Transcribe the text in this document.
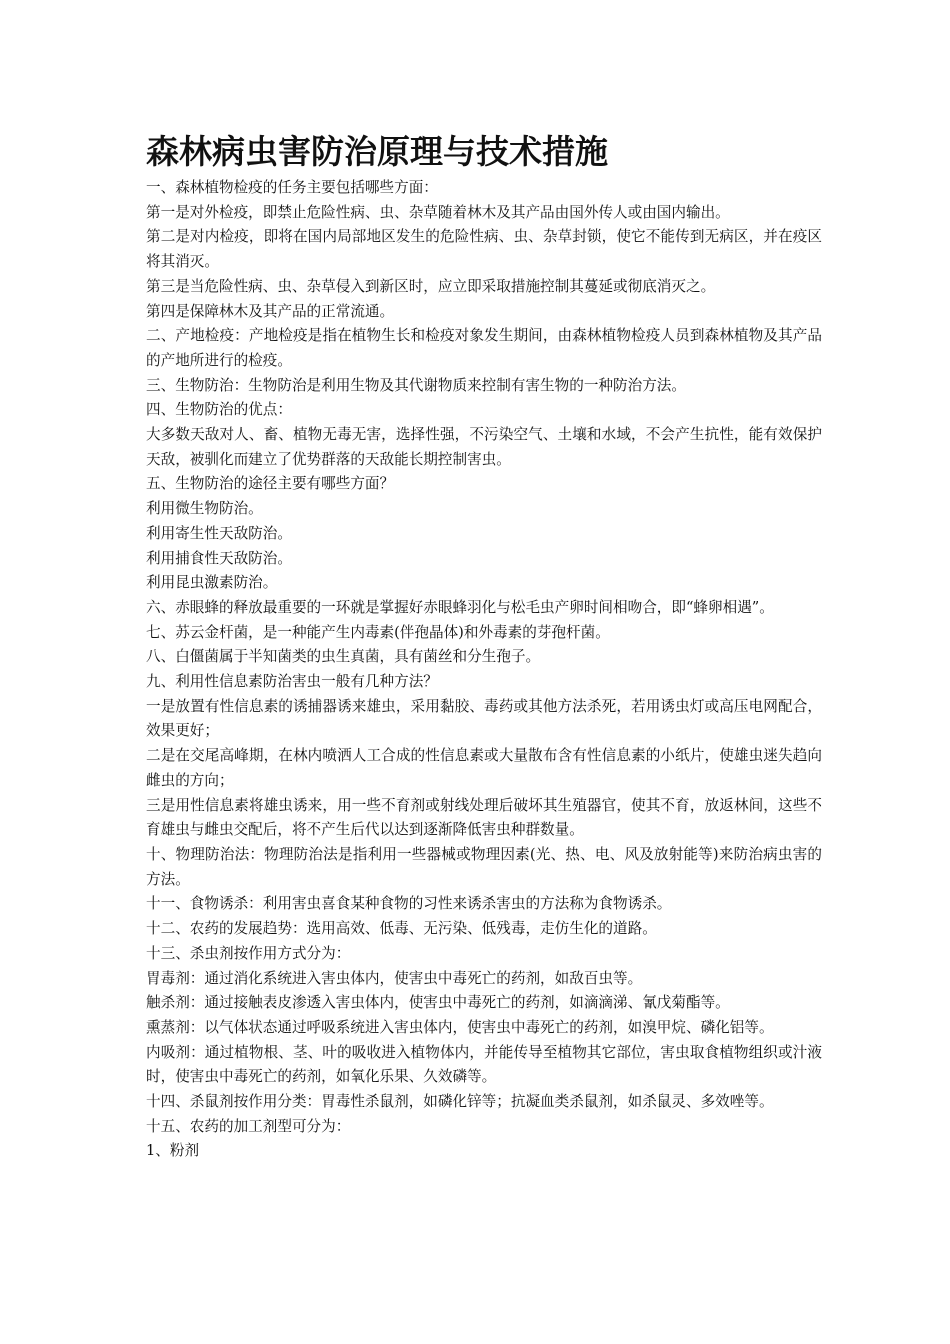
森林病虫害防治原理与技术措施

一、森林植物检疫的任务主要包括哪些方面：

第一是对外检疫，即禁止危险性病、虫、杂草随着林木及其产品由国外传人或由国内输出。

第二是对内检疫，即将在国内局部地区发生的危险性病、虫、杂草封锁，使它不能传到无病区，并在疫区将其消灭。

第三是当危险性病、虫、杂草侵入到新区时，应立即采取措施控制其蔓延或彻底消灭之。

第四是保障林木及其产品的正常流通。

二、产地检疫：产地检疫是指在植物生长和检疫对象发生期间，由森林植物检疫人员到森林植物及其产品的产地所进行的检疫。

三、生物防治：生物防治是利用生物及其代谢物质来控制有害生物的一种防治方法。

四、生物防治的优点：

大多数天敌对人、畜、植物无毒无害，选择性强，不污染空气、土壤和水域，不会产生抗性，能有效保护天敌，被驯化而建立了优势群落的天敌能长期控制害虫。

五、生物防治的途径主要有哪些方面？

利用微生物防治。

利用寄生性天敌防治。

利用捕食性天敌防治。

利用昆虫激素防治。

六、赤眼蜂的释放最重要的一环就是掌握好赤眼蜂羽化与松毛虫产卵时间相吻合，即“蜂卵相遇”。

七、苏云金杆菌，是一种能产生内毒素(伴孢晶体)和外毒素的芽孢杆菌。

八、白僵菌属于半知菌类的虫生真菌，具有菌丝和分生孢子。

九、利用性信息素防治害虫一般有几种方法？

一是放置有性信息素的诱捕器诱来雄虫，采用黏胶、毒药或其他方法杀死，若用诱虫灯或高压电网配合，效果更好；

二是在交尾高峰期，在林内喷洒人工合成的性信息素或大量散布含有性信息素的小纸片，使雄虫迷失趋向雌虫的方向；

三是用性信息素将雄虫诱来，用一些不育剂或射线处理后破坏其生殖器官，使其不育，放返林间，这些不育雄虫与雌虫交配后，将不产生后代以达到逐渐降低害虫种群数量。

十、物理防治法：物理防治法是指利用一些器械或物理因素(光、热、电、风及放射能等)来防治病虫害的方法。

十一、食物诱杀：利用害虫喜食某种食物的习性来诱杀害虫的方法称为食物诱杀。

十二、农药的发展趋势：选用高效、低毒、无污染、低残毒，走仿生化的道路。

十三、杀虫剂按作用方式分为：

胃毒剂：通过消化系统进入害虫体内，使害虫中毒死亡的药剂，如敌百虫等。

触杀剂：通过接触表皮渗透入害虫体内，使害虫中毒死亡的药剂，如滴滴涕、氰戊菊酯等。

熏蒸剂：以气体状态通过呼吸系统进入害虫体内，使害虫中毒死亡的药剂，如溴甲烷、磷化铝等。

内吸剂：通过植物根、茎、叶的吸收进入植物体内，并能传导至植物其它部位，害虫取食植物组织或汁液时，使害虫中毒死亡的药剂，如氧化乐果、久效磷等。

十四、杀鼠剂按作用分类：胃毒性杀鼠剂，如磷化锌等；抗凝血类杀鼠剂，如杀鼠灵、多效唑等。

十五、农药的加工剂型可分为：

1、粉剂
